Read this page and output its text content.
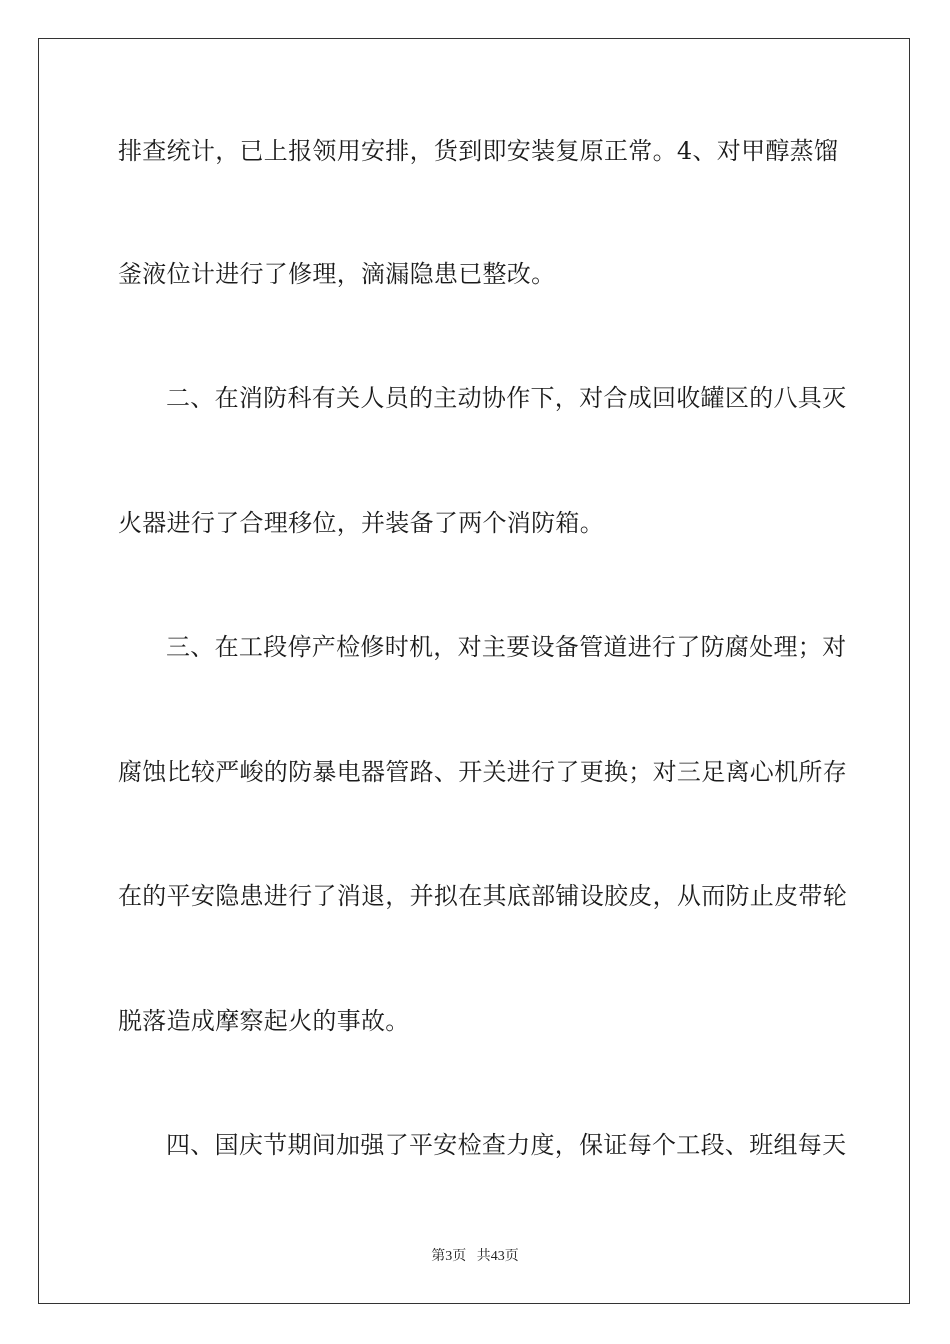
排查统计，已上报领用安排，货到即安装复原正常。4、对甲醇蒸馏
釜液位计进行了修理，滴漏隐患已整改。
二、在消防科有关人员的主动协作下，对合成回收罐区的八具灭
火器进行了合理移位，并装备了两个消防箱。
三、在工段停产检修时机，对主要设备管道进行了防腐处理；对
腐蚀比较严峻的防暴电器管路、开关进行了更换；对三足离心机所存
在的平安隐患进行了消退，并拟在其底部铺设胶皮，从而防止皮带轮
脱落造成摩察起火的事故。
四、国庆节期间加强了平安检查力度，保证每个工段、班组每天
第3页 共43页
